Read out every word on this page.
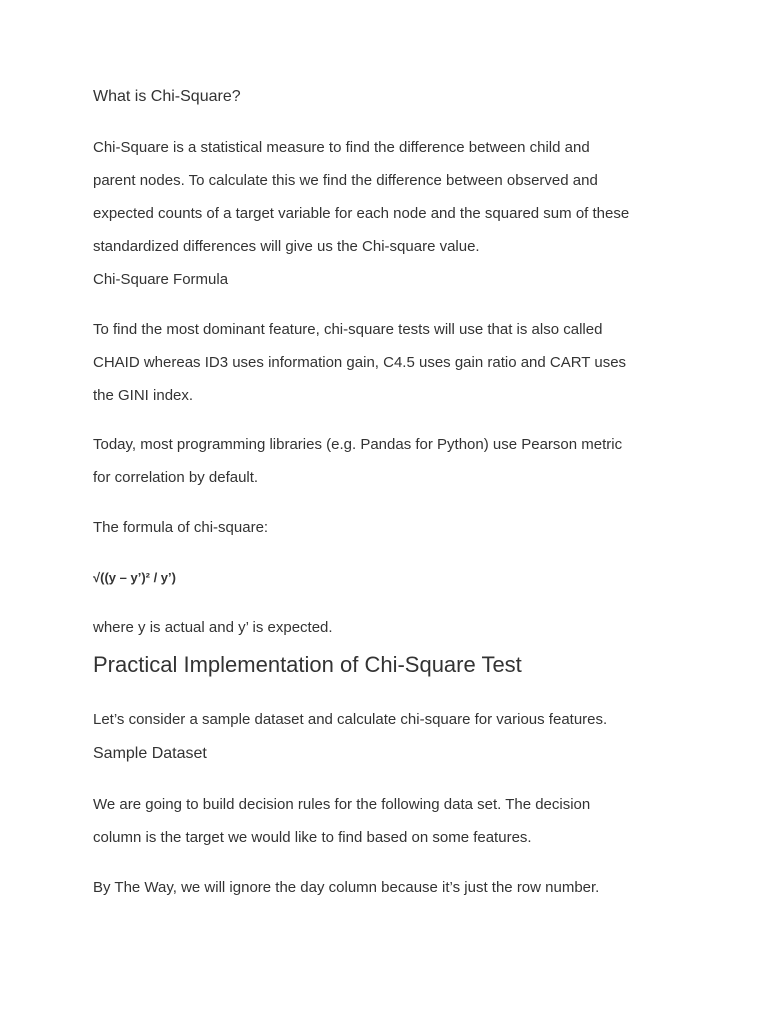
What is Chi-Square?

Chi-Square is a statistical measure to find the difference between child and
parent nodes. To calculate this we find the difference between observed and
expected counts of a target variable for each node and the squared sum of these
standardized differences will give us the Chi-square value.

Chi-Square Formula

To find the most dominant feature, chi-square tests will use that is also called
CHAID whereas ID3 uses information gain, C4.5 uses gain ratio and CART uses
the GINI index.

Today, most programming libraries (e.g. Pandas for Python) use Pearson metric
for correlation by default.

The formula of chi-square:

√((y – y’)² / y’)

where y is actual and y’ is expected.

Practical Implementation of Chi-Square Test

Let’s consider a sample dataset and calculate chi-square for various features.

Sample Dataset

We are going to build decision rules for the following data set. The decision
column is the target we would like to find based on some features.

By The Way, we will ignore the day column because it’s just the row number.
